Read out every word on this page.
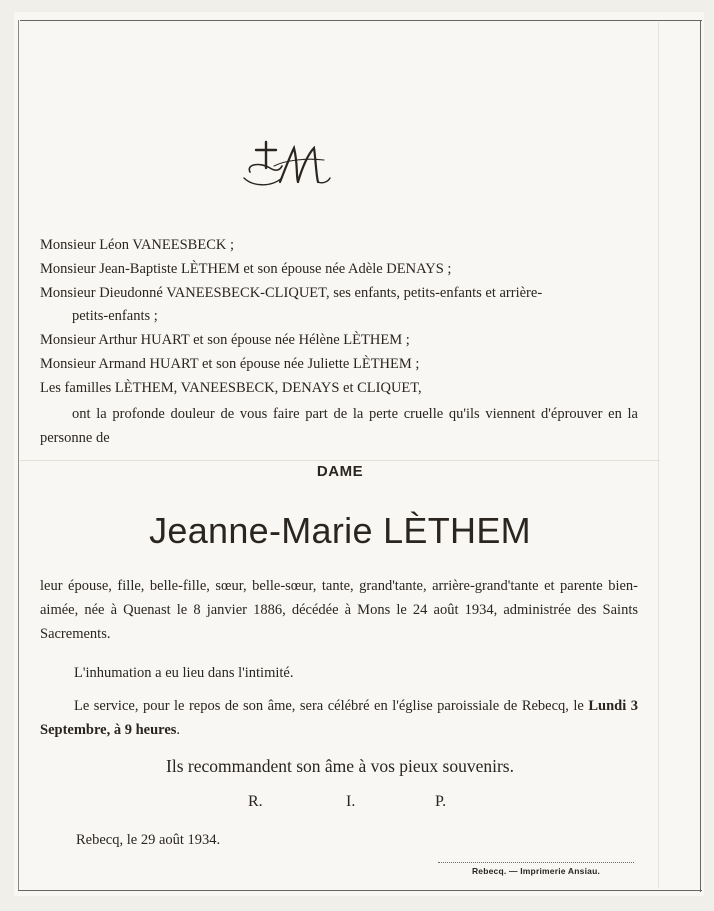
Monsieur Léon VANEESBECK ;
Monsieur Jean-Baptiste LÈTHEM et son épouse née Adèle DENAYS ;
Monsieur Dieudonné VANEESBECK-CLIQUET, ses enfants, petits-enfants et arrière-
petits-enfants ;
Monsieur Arthur HUART et son épouse née Hélène LÈTHEM ;
Monsieur Armand HUART et son épouse née Juliette LÈTHEM ;
Les familles LÈTHEM, VANEESBECK, DENAYS et CLIQUET,
ont la profonde douleur de vous faire part de la perte cruelle qu'ils viennent d'éprouver en la personne de
DAME
Jeanne-Marie LÈTHEM
leur épouse, fille, belle-fille, sœur, belle-sœur, tante, grand'tante, arrière-grand'tante et parente bien-aimée, née à Quenast le 8 janvier 1886, décédée à Mons le 24 août 1934, administrée des Saints Sacrements.
L'inhumation a eu lieu dans l'intimité.
Le service, pour le repos de son âme, sera célébré en l'église paroissiale de Rebecq, le Lundi 3 Septembre, à 9 heures.
Ils recommandent son âme à vos pieux souvenirs.
R.	I.	P.
Rebecq, le 29 août 1934.
Rebecq. — Imprimerie Ansiau.
